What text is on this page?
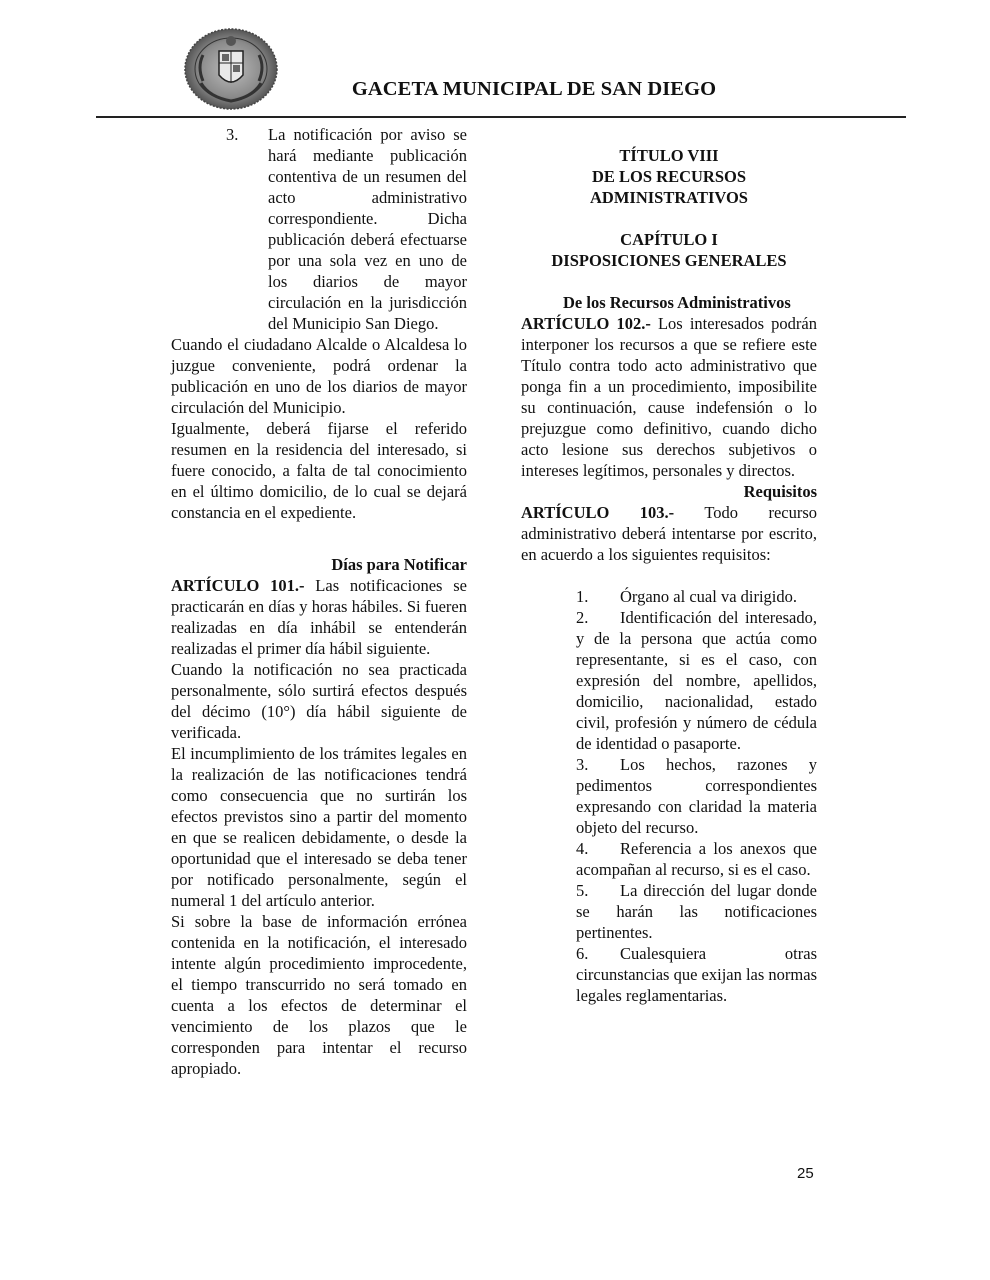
GACETA MUNICIPAL DE SAN DIEGO
3.	La notificación por aviso se hará mediante publicación contentiva de un resumen del acto administrativo correspondiente. Dicha publicación deberá efectuarse por una sola vez en uno de los diarios de mayor circulación en la jurisdicción del Municipio San Diego.

Cuando el ciudadano Alcalde o Alcaldesa lo juzgue conveniente, podrá ordenar la publicación en uno de los diarios de mayor circulación del Municipio.

Igualmente, deberá fijarse el referido resumen en la residencia del interesado, si fuere conocido, a falta de tal conocimiento en el último domicilio, de lo cual se dejará constancia en el expediente.

Días para Notificar

ARTÍCULO 101.- Las notificaciones se practicarán en días y horas hábiles. Si fueren realizadas en día inhábil se entenderán realizadas el primer día hábil siguiente.

Cuando la notificación no sea practicada personalmente, sólo surtirá efectos después del décimo (10°) día hábil siguiente de verificada.

El incumplimiento de los trámites legales en la realización de las notificaciones tendrá como consecuencia que no surtirán los efectos previstos sino a partir del momento en que se realicen debidamente, o desde la oportunidad que el interesado se deba tener por notificado personalmente, según el numeral 1 del artículo anterior.

Si sobre la base de información errónea contenida en la notificación, el interesado intente algún procedimiento improcedente, el tiempo transcurrido no será tomado en cuenta a los efectos de determinar el vencimiento de los plazos que le corresponden para intentar el recurso apropiado.

TÍTULO VIII

DE LOS RECURSOS

ADMINISTRATIVOS

CAPÍTULO I

DISPOSICIONES GENERALES

De los Recursos Administrativos

ARTÍCULO 102.- Los interesados podrán interponer los recursos a que se refiere este Título contra todo acto administrativo que ponga fin a un procedimiento, imposibilite su continuación, cause indefensión o lo prejuzgue como definitivo, cuando dicho acto lesione sus derechos subjetivos o intereses legítimos, personales y directos.

Requisitos

ARTÍCULO 103.- Todo recurso administrativo deberá intentarse por escrito, en acuerdo a los siguientes requisitos:

1. Órgano al cual va dirigido.

2. Identificación del interesado, y de la persona que actúa como representante, si es el caso, con expresión del nombre, apellidos, domicilio, nacionalidad, estado civil, profesión y número de cédula de identidad o pasaporte.

3. Los hechos, razones y pedimentos correspondientes expresando con claridad la materia objeto del recurso.

4. Referencia a los anexos que acompañan al recurso, si es el caso.

5. La dirección del lugar donde se harán las notificaciones pertinentes.

6. Cualesquiera otras circunstancias que exijan las normas legales reglamentarias.

25
